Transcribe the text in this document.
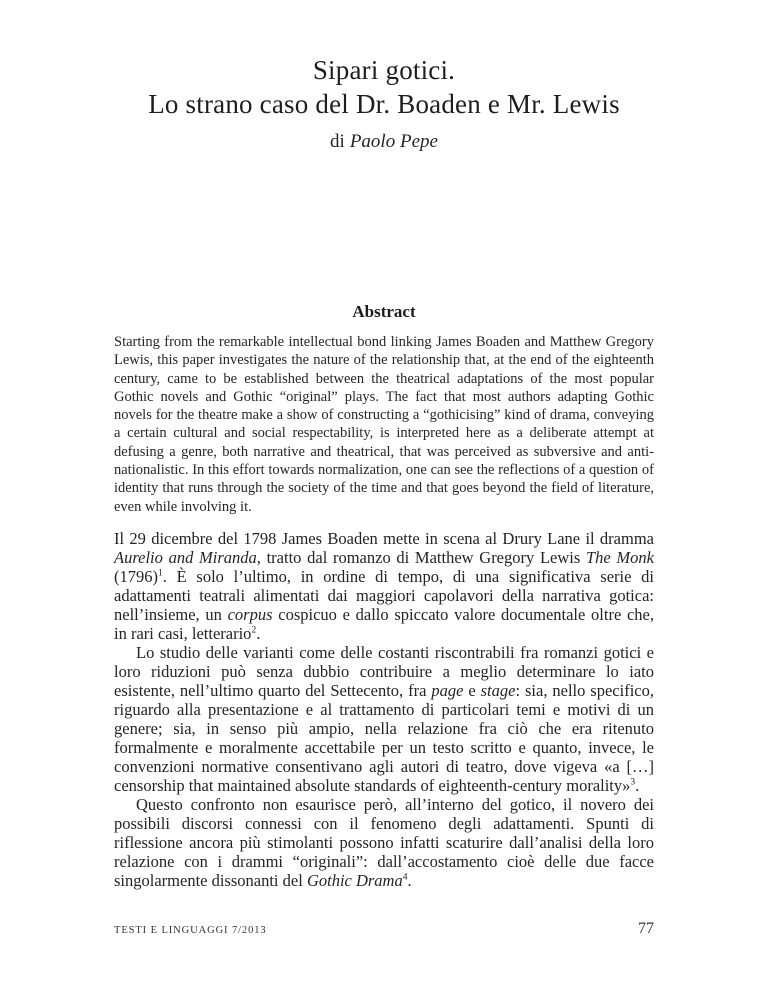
Sipari gotici.
Lo strano caso del Dr. Boaden e Mr. Lewis
di Paolo Pepe
Abstract

Starting from the remarkable intellectual bond linking James Boaden and Matthew Gregory Lewis, this paper investigates the nature of the relationship that, at the end of the eighteenth century, came to be established between the theatrical adaptations of the most popular Gothic novels and Gothic “original” plays. The fact that most authors adapting Gothic novels for the theatre make a show of constructing a “gothicising” kind of drama, conveying a certain cultural and social respectability, is interpreted here as a deliberate attempt at defusing a genre, both narrative and theatrical, that was perceived as subversive and anti-nationalistic. In this effort towards normalization, one can see the reflections of a question of identity that runs through the society of the time and that goes beyond the field of literature, even while involving it.

Il 29 dicembre del 1798 James Boaden mette in scena al Drury Lane il dramma Aurelio and Miranda, tratto dal romanzo di Matthew Gregory Lewis The Monk $(1796)^1$. È solo l’ultimo, in ordine di tempo, di una significativa serie di adattamenti teatrali alimentati dai maggiori capolavori della narrativa gotica: nell’insieme, un corpus cospicuo e dallo spiccato valore documentale oltre che, in rari casi, letterario$^2$.

Lo studio delle varianti come delle costanti riscontrabili fra romanzi gotici e loro riduzioni può senza dubbio contribuire a meglio determinare lo iato esistente, nell’ultimo quarto del Settecento, fra page e stage: sia, nello specifico, riguardo alla presentazione e al trattamento di particolari temi e motivi di un genere; sia, in senso più ampio, nella relazione fra ciò che era ritenuto formalmente e moralmente accettabile per un testo scritto e quanto, invece, le convenzioni normative consentivano agli autori di teatro, dove vigeva «a […] censorship that maintained absolute standards of eighteenth-century morality»$^3$.

Questo confronto non esaurisce però, all’interno del gotico, il novero dei possibili discorsi connessi con il fenomeno degli adattamenti. Spunti di riflessione ancora più stimolanti possono infatti scaturire dall’analisi della loro relazione con i drammi “originali”: dall’accostamento cioè delle due facce singolarmente dissonanti del Gothic Drama$^4$.

TESTI E LINGUAGGI 7/2013	77
